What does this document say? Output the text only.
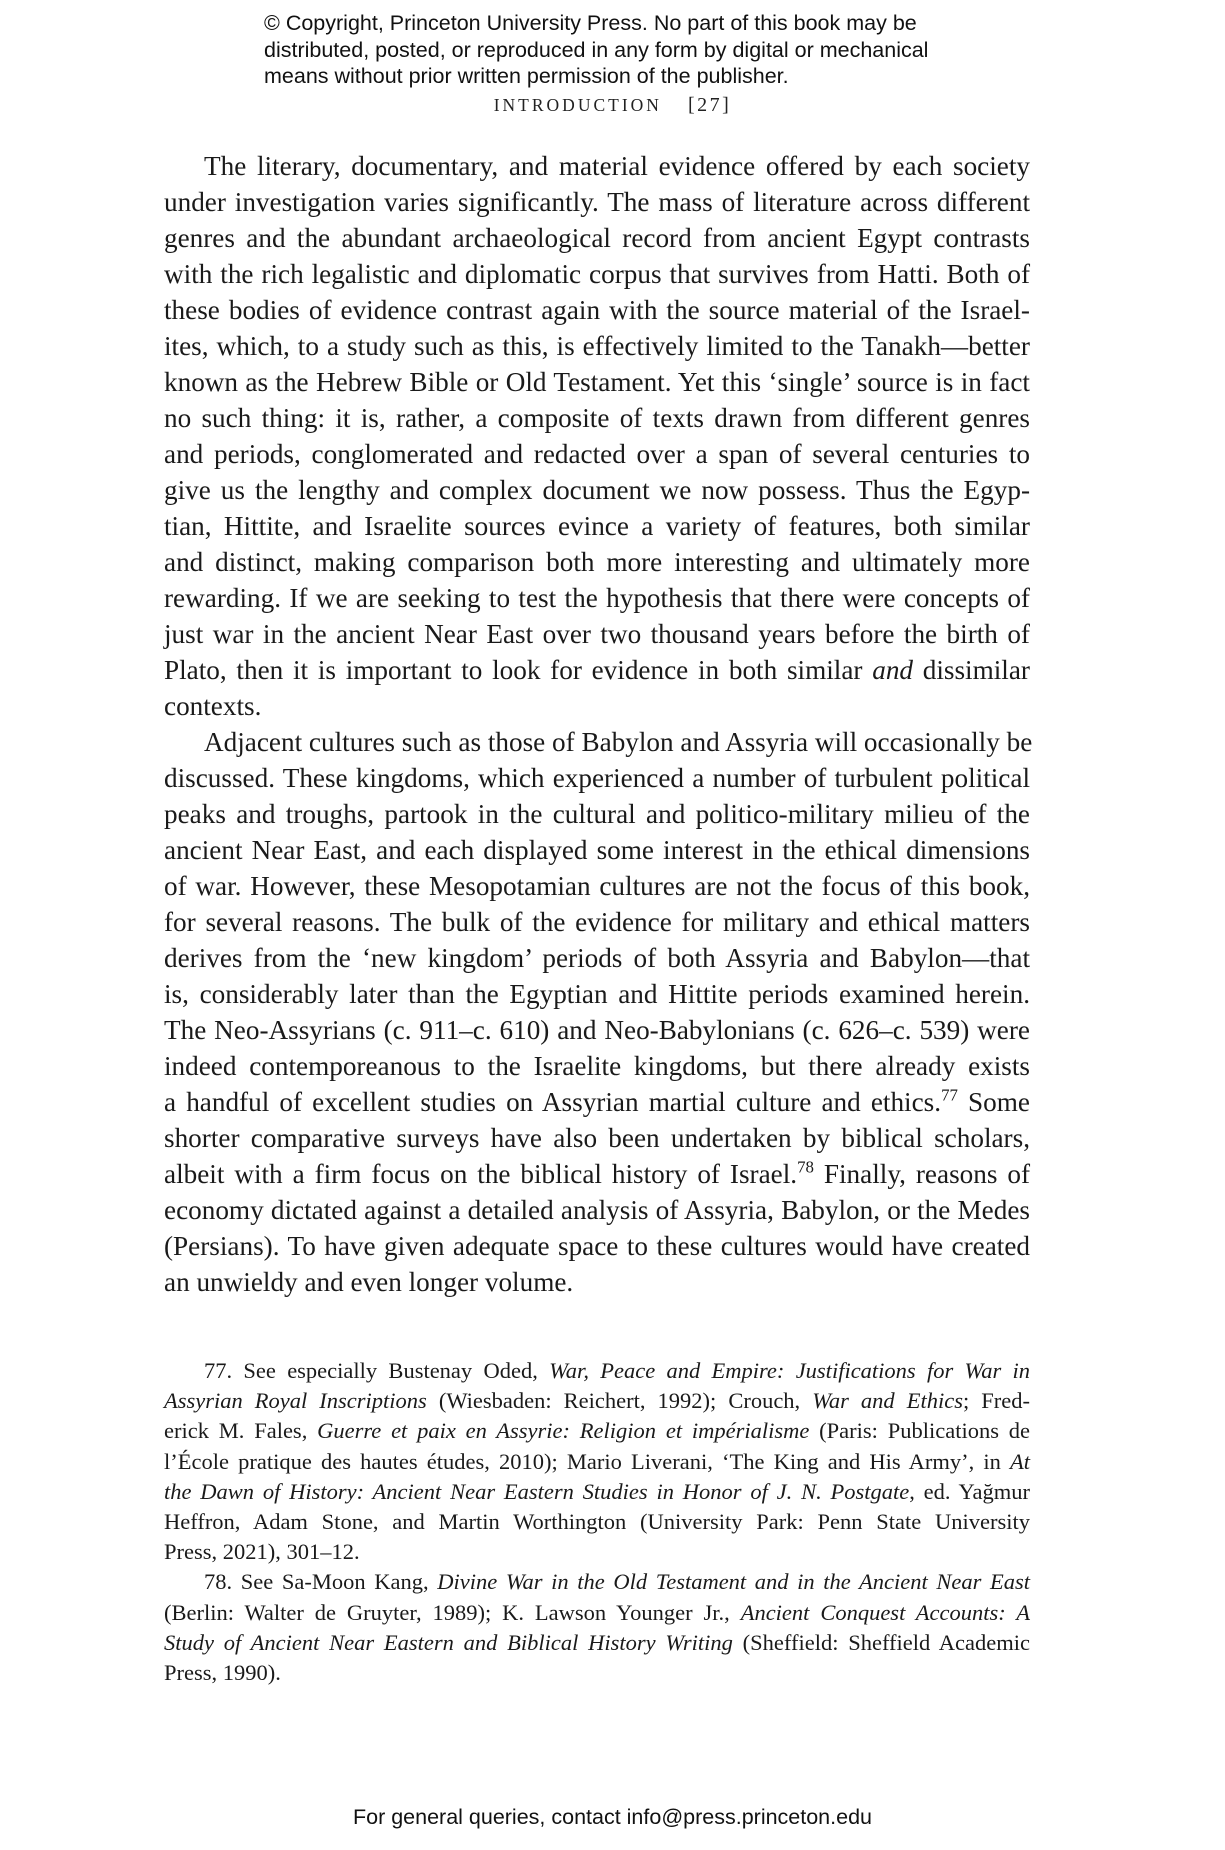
© Copyright, Princeton University Press. No part of this book may be
distributed, posted, or reproduced in any form by digital or mechanical
means without prior written permission of the publisher.
INTRODUCTION [27]
The literary, documentary, and material evidence offered by each society
under investigation varies significantly. The mass of literature across different
genres and the abundant archaeological record from ancient Egypt contrasts
with the rich legalistic and diplomatic corpus that survives from Hatti. Both of
these bodies of evidence contrast again with the source material of the Israel-
ites, which, to a study such as this, is effectively limited to the Tanakh—better
known as the Hebrew Bible or Old Testament. Yet this ‘single’ source is in fact
no such thing: it is, rather, a composite of texts drawn from different genres
and periods, conglomerated and redacted over a span of several centuries to
give us the lengthy and complex document we now possess. Thus the Egyp-
tian, Hittite, and Israelite sources evince a variety of features, both similar
and distinct, making comparison both more interesting and ultimately more
rewarding. If we are seeking to test the hypothesis that there were concepts of
just war in the ancient Near East over two thousand years before the birth of
Plato, then it is important to look for evidence in both similar and dissimilar
contexts.
Adjacent cultures such as those of Babylon and Assyria will occasionally be
discussed. These kingdoms, which experienced a number of turbulent political
peaks and troughs, partook in the cultural and politico-military milieu of the
ancient Near East, and each displayed some interest in the ethical dimensions
of war. However, these Mesopotamian cultures are not the focus of this book,
for several reasons. The bulk of the evidence for military and ethical matters
derives from the ‘new kingdom’ periods of both Assyria and Babylon—that
is, considerably later than the Egyptian and Hittite periods examined herein.
The Neo-Assyrians (c. 911–c. 610) and Neo-Babylonians (c. 626–c. 539) were
indeed contemporeanous to the Israelite kingdoms, but there already exists
a handful of excellent studies on Assyrian martial culture and ethics.$^{77}$ Some
shorter comparative surveys have also been undertaken by biblical scholars,
albeit with a firm focus on the biblical history of Israel.$^{78}$ Finally, reasons of
economy dictated against a detailed analysis of Assyria, Babylon, or the Medes
(Persians). To have given adequate space to these cultures would have created
an unwieldy and even longer volume.
77. See especially Bustenay Oded, War, Peace and Empire: Justifications for War in
Assyrian Royal Inscriptions (Wiesbaden: Reichert, 1992); Crouch, War and Ethics; Fred-
erick M. Fales, Guerre et paix en Assyrie: Religion et impérialisme (Paris: Publications de
l’École pratique des hautes études, 2010); Mario Liverani, ‘The King and His Army’, in At
the Dawn of History: Ancient Near Eastern Studies in Honor of J. N. Postgate, ed. Yağmur
Heffron, Adam Stone, and Martin Worthington (University Park: Penn State University
Press, 2021), 301–12.
78. See Sa-Moon Kang, Divine War in the Old Testament and in the Ancient Near East
(Berlin: Walter de Gruyter, 1989); K. Lawson Younger Jr., Ancient Conquest Accounts: A
Study of Ancient Near Eastern and Biblical History Writing (Sheffield: Sheffield Academic
Press, 1990).
For general queries, contact info@press.princeton.edu
